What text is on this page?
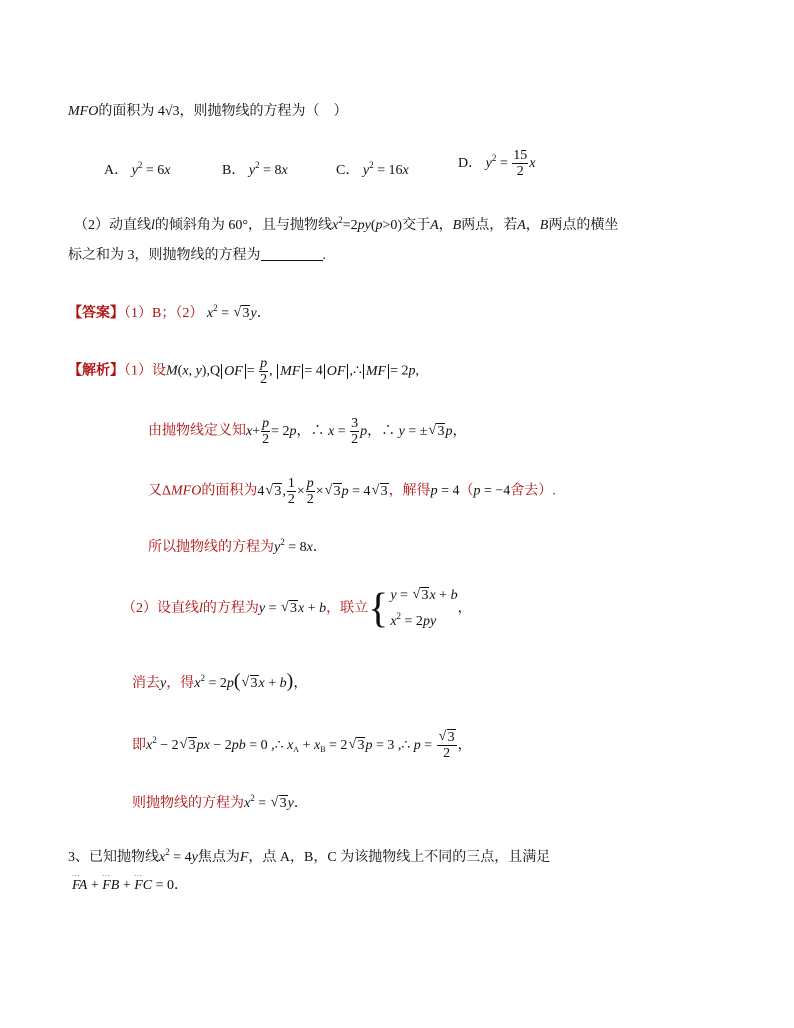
MFO的面积为 4√3，则抛物线的方程为（　）
A． $y^2 = 6x$	B． $y^2 = 8x$	C． $y^2 = 16x$	D． $y^2 = \frac{15}{2}$ x
（2）动直线l的倾斜角为 60°，且与抛物线$x^2=2py(p>0)$交于A，B两点，若A，B两点的横坐
标之和为 3，则抛物线的方程为	.
【答案】（1）B；（2） $x^2$ = √ 3y．
【解析】（1）设M(x, y),Q OF = $\frac{p}{2}$ , MF = 4 OF ,∴ MF = 2p,
由抛物线定义知$x+ \frac{p}{2} = 2p$，∴ $x = \frac{3}{2}$ p，∴ y = ±√ 3p，
又ΔMFO的面积为4√ 3, $\frac{1}{2} \times \frac{p}{2}$ ×√ 3p = 4√ 3，解得p = 4（p = −4舍去）.
所以抛物线的方程为$y^2 = 8x$．
（2）设直线l的方程为y = √ 3x + b，联立{ y = √ 3x + b
$x^2 = 2py$
，
消去y，得$x^2 = 2p(√$ 3x + b)，
即$x^2 - 2√$ 3px − 2pb = 0 ,∴ $x_A + x_B = 2√$ 3p = 3 ,∴ p =
√ $\frac{3}{2}$ ，
则抛物线的方程为$x^2$ = √ 3y．
3、已知抛物线$x^2 = 4y$焦点为F，点 A，B，C 为该抛物线上不同的三点，且满足
··· FA + ··· FB + ··· FC = 0．
